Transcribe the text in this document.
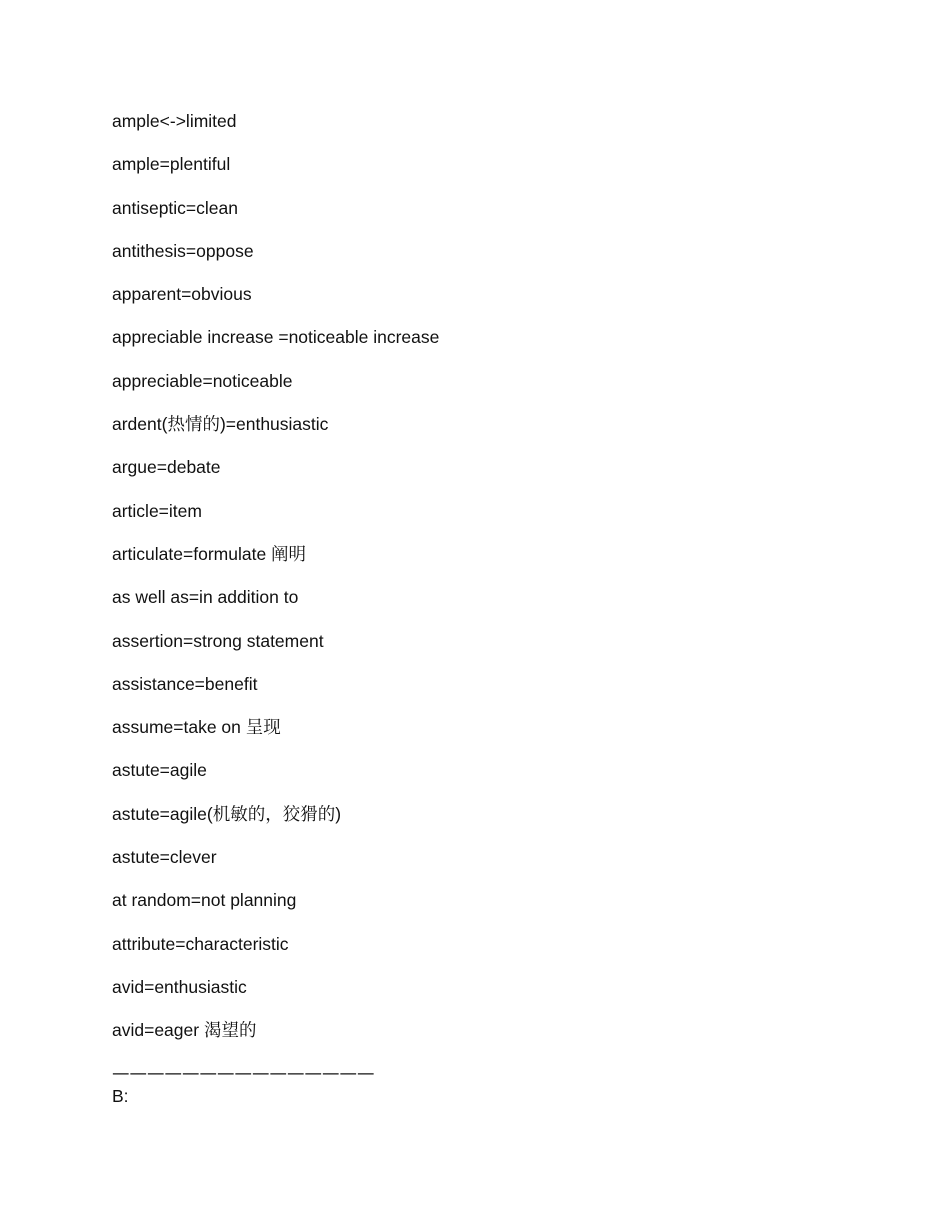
ample<->limited
ample=plentiful
antiseptic=clean
antithesis=oppose
apparent=obvious
appreciable increase =noticeable increase
appreciable=noticeable
ardent(热情的)=enthusiastic
argue=debate
article=item
articulate=formulate 阐明
as well as=in addition to
assertion=strong statement
assistance=benefit
assume=take on 呈现
astute=agile
astute=agile(机敏的，狡猾的)
astute=clever
at random=not planning
attribute=characteristic
avid=enthusiastic
avid=eager 渴望的
———————————————
B:
